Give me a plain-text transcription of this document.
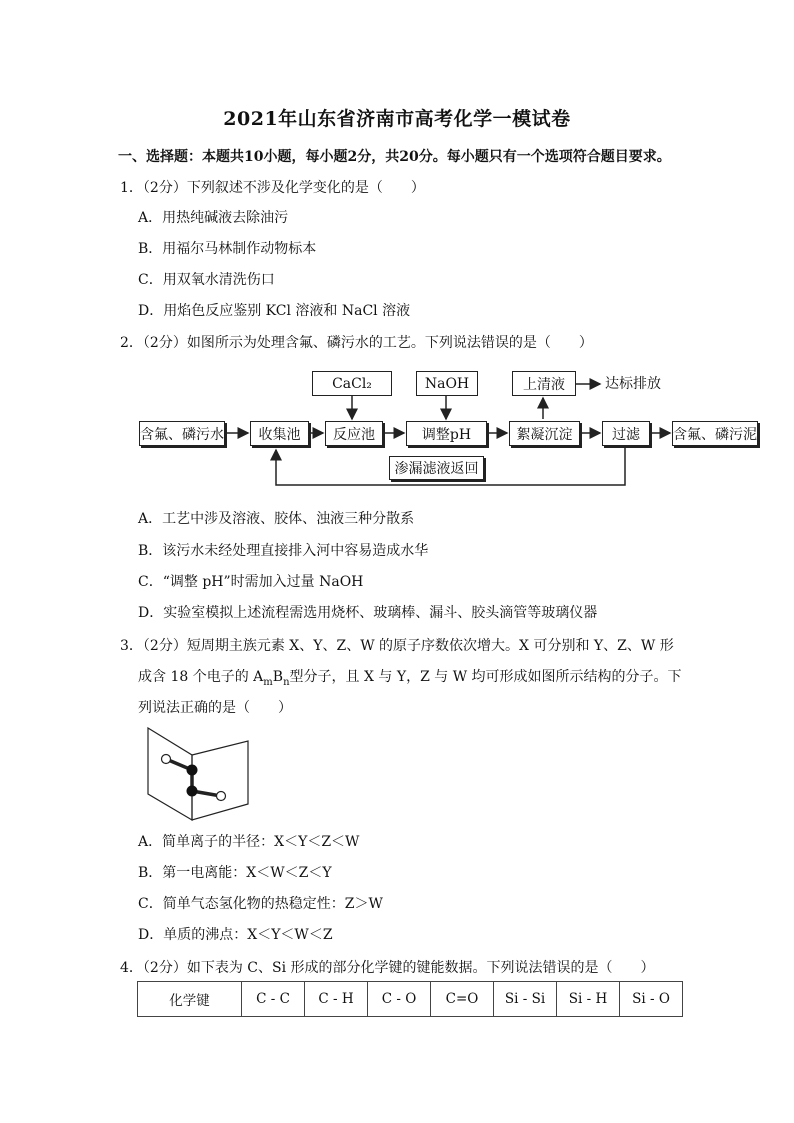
2021年山东省济南市高考化学一模试卷
一、选择题：本题共10小题，每小题2分，共20分。每小题只有一个选项符合题目要求。
1．（2分）下列叙述不涉及化学变化的是（　　）
A．用热纯碱液去除油污
B．用福尔马林制作动物标本
C．用双氧水清洗伤口
D．用焰色反应鉴别 KCl 溶液和 NaCl 溶液
2．（2分）如图所示为处理含氟、磷污水的工艺。下列说法错误的是（　　）
CaCl₂	NaOH	上清液	达标排放
含氟、磷污水	收集池	反应池	调整pH	絮凝沉淀	过滤	含氟、磷污泥
渗漏滤液返回
A．工艺中涉及溶液、胶体、浊液三种分散系
B．该污水未经处理直接排入河中容易造成水华
C．“调整 pH”时需加入过量 NaOH
D．实验室模拟上述流程需选用烧杯、玻璃棒、漏斗、胶头滴管等玻璃仪器
3．（2分）短周期主族元素 X、Y、Z、W 的原子序数依次增大。X 可分别和 Y、Z、W 形
成含 18 个电子的 $A_mB_n$型分子，且 X 与 Y，Z 与 W 均可形成如图所示结构的分子。下
列说法正确的是（　　）
A．简单离子的半径：X＜Y＜Z＜W
B．第一电离能：X＜W＜Z＜Y
C．简单气态氢化物的热稳定性：Z＞W
D．单质的沸点：X＜Y＜W＜Z
4．（2分）如下表为 C、Si 形成的部分化学键的键能数据。下列说法错误的是（　　）
化学键	C - C	C - H	C - O	C=O	Si - Si	Si - H	Si - O
